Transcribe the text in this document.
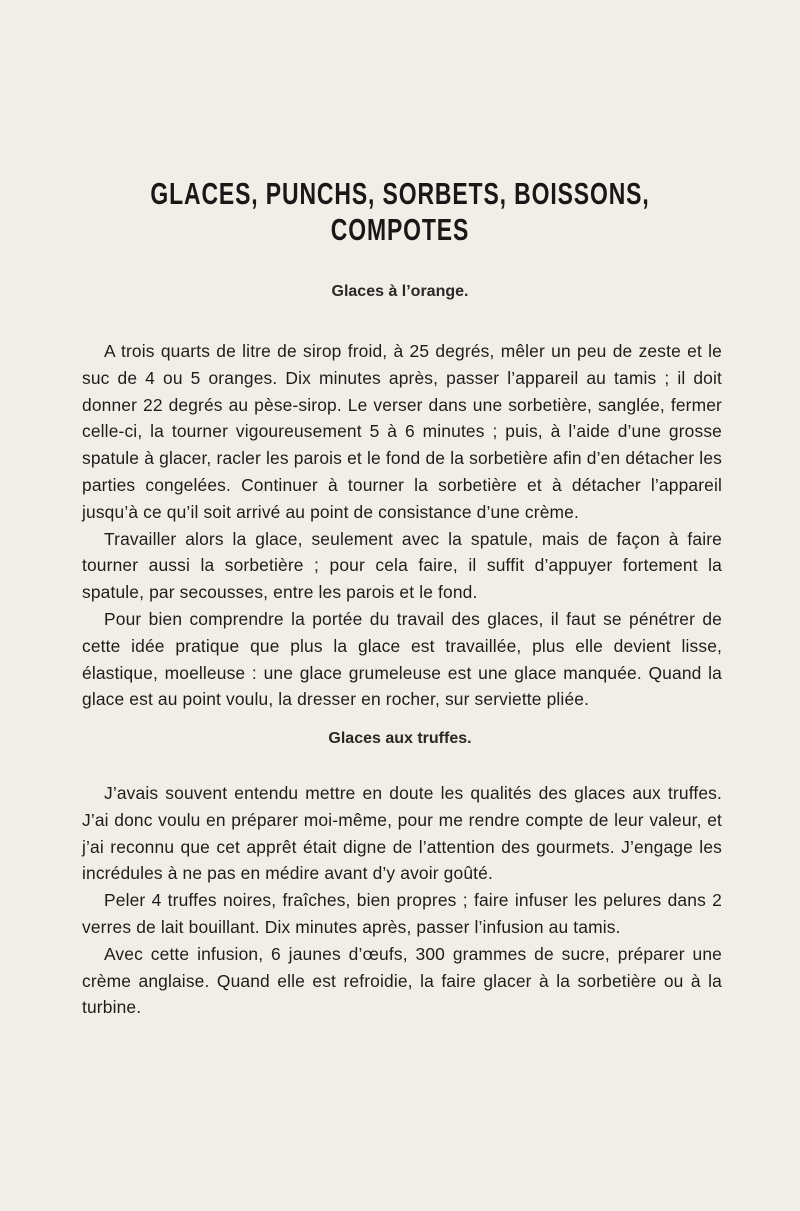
GLACES, PUNCHS, SORBETS, BOISSONS, COMPOTES
Glaces à l’orange.

A trois quarts de litre de sirop froid, à 25 degrés, mêler un peu de zeste et le suc de 4 ou 5 oranges. Dix minutes après, passer l’appareil au tamis ; il doit donner 22 degrés au pèse-sirop. Le verser dans une sorbetière, sanglée, fermer celle-ci, la tourner vigoureusement 5 à 6 minutes ; puis, à l’aide d’une grosse spatule à glacer, racler les parois et le fond de la sorbetière afin d’en détacher les parties congelées. Continuer à tourner la sorbetière et à détacher l’appareil jusqu’à ce qu’il soit arrivé au point de consistance d’une crème.

Travailler alors la glace, seulement avec la spatule, mais de façon à faire tourner aussi la sorbetière ; pour cela faire, il suffit d’appuyer fortement la spatule, par secousses, entre les parois et le fond.

Pour bien comprendre la portée du travail des glaces, il faut se pénétrer de cette idée pratique que plus la glace est travaillée, plus elle devient lisse, élastique, moelleuse : une glace grumeleuse est une glace manquée. Quand la glace est au point voulu, la dresser en rocher, sur serviette pliée.

Glaces aux truffes.

J’avais souvent entendu mettre en doute les qualités des glaces aux truffes. J’ai donc voulu en préparer moi-même, pour me rendre compte de leur valeur, et j’ai reconnu que cet apprêt était digne de l’attention des gourmets. J’engage les incrédules à ne pas en médire avant d’y avoir goûté.

Peler 4 truffes noires, fraîches, bien propres ; faire infuser les pelures dans 2 verres de lait bouillant. Dix minutes après, passer l’infusion au tamis.

Avec cette infusion, 6 jaunes d’œufs, 300 grammes de sucre, préparer une crème anglaise. Quand elle est refroidie, la faire glacer à la sorbetière ou à la turbine.
